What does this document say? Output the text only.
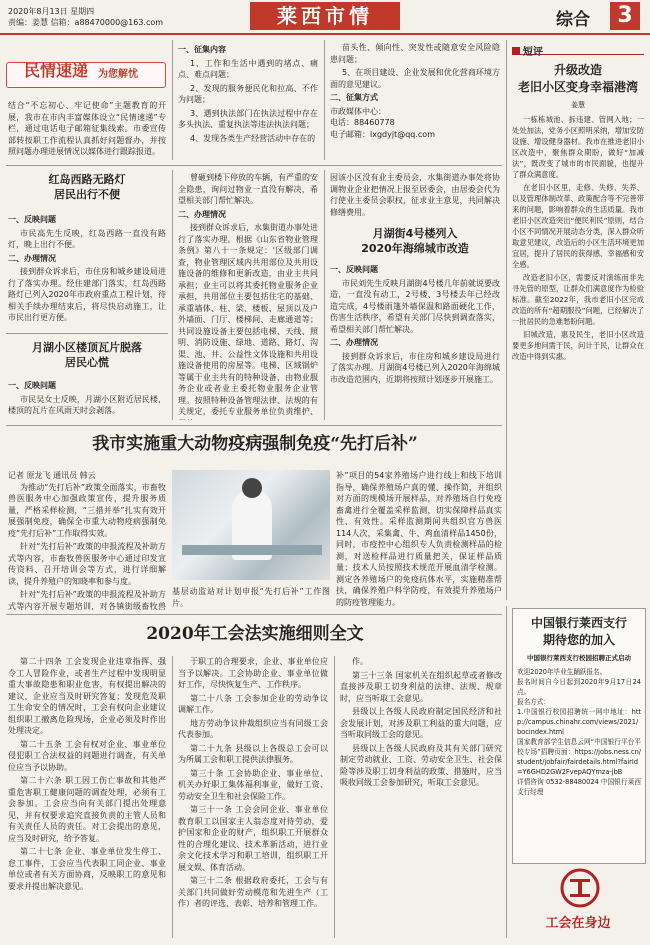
2020年8月13日 星期四
责编：姜慧 信箱：a88470000@163.com	莱西市情	综合	3
民情速递 为您解忧
结合“不忘初心、牢记使命”主题教育的开展，我市在市内丰富媒体设立“民情速递”专栏，通过电话电子邮箱征集线索。市委宣传部转按职工作流程认真抓好问题督办，并按照问题办理进展情况以媒体进行跟踪报道。
一、征集内容

1、工作和生活中遇到的堵点、痛点、难点问题；

2、发现的服务便民化和拉高、不作为问题；

3、遇到执法部门在执法过程中存在多头执法、重复执法等违法执法问题；

4、发现各类生产经营活动中存在的

苗头性、倾向性、突发性或随意安全风险隐患问题；

5、在项目建设、企业发展和优化营商环境方面的意见建议。

二、征集方式
市政媒体中心：
电话：88460778
电子邮箱：lxgdyjt@qq.com
红岛西路无路灯
居民出行不便
一、反映问题

市民高先生反映，红岛西路一直没有路灯，晚上出行不便。

二、办理情况

接到群众诉求后，市住房和城乡建设局进行了落实办理。经住建部门落实，红岛西路路灯已列入2020年市政府重点工程计划，待相关手续办理结束后，将尽快启动施工，让市民出行更方便。

月湖小区楼顶瓦片脱落
居民心慌
一、反映问题

市民吴女士反映，月湖小区附近居民楼，楼顶的瓦片在风雨天时会剥落。

曾砸到楼下停放的车辆，有严重的安全隐患，询问过物业一直没有解决，希望相关部门帮忙解决。

二、办理情况

接到群众诉求后，水集街道办事处进行了落实办理。根据《山东省物业管理条例》第八十一条规定：'区级部门调查，物业管理区域内共用部位及共用设施设备的维修和更新改造，由业主共同承担；业主可以将其委托物业服务企业承担，共用部位主要包括住宅的基础、承重墙体、柱、梁、楼板、屋顶以及户外墙面、门厅、楼梯间、走廊通道等；共同设施设备主要包括电梯、天线、照明、消防设施、绿地、道路、路灯、沟渠、池、井、公益性文体设施和共用设施设备使用的房屋等。电梯、区域锅炉等属于业主共有的特种设备，由物业服务企业或者业主委托物业服务企业管理。按照特种设备管理法律、法规的有关规定，委托专业服务单位负责维护、

因该小区没有业主委员会，水集街道办事处将协调物业企业把情况上报至居委会，由居委会代为行使业主委员会职权，征求业主意见，共同解决修缮费用。
月湖街4号楼列入
2020年海绵城市改造
一、反映问题

市民刘先生反映月湖街4号楼几年前就说要改造，一直没有动工，2号楼、3号楼去年已经改造完成，4号楼雨篷外墙保温和路面硬化工作，伤害生活秩序，希望有关部门尽快到调查落实，希望相关部门帮忙解决。

二、办理情况

接到群众诉求后，市住房和城乡建设局进行了落实办理。月湖街4号楼已列入2020年海绵城市改造范围内，近期将按照计划逐步开展施工。

短评
升级改造
老旧小区变身幸福港湾
姜慧

一栋栋城池、拆违建、管网入地；一处处加法，党务小区照明采纳，增加安防设施、增设健身器材。我市在推进老旧小区改造中，聚焦群众期盼，做好“加减法”，既改变了城市的市民面貌，也提升了群众满意度。

在老旧小区里，走修、失修、失养、以及管理体制改革、政策配合等不完善带来的问题，影响着群众的生活质量。我市老旧小区改造突出“便民利民”原则，结合小区不同情况开展动态分类，深入群众听取意见建议，改造后的小区生活环境更加宜居，提升了居民的获得感、幸福感和安全感。

改造老旧小区，需要反对演练而非先寻先管的原型，让群众们满意度作为检验标准。截至2022年，我市老旧小区完成改造的所有“超期服役”问题，已经解决了一批居民的急难愁盼问题。

旧城改造，惠及民生，老旧小区改造要更多地问需于民，问计于民，让群众在改造中得到实惠。

我市实施重大动物疫病强制免疫“先打后补”
记者 原龙飞 通讯员 韩云

为推动“先打后补”政策全面落实，市畜牧兽医服务中心加强政策宣传，提升服务质量，严格采样检测，“三措并举”扎实有效开展强制免疫，确保全市重大动物疫病强制免疫“先打后补”工作取得实效。

针对“先打后补”政策的申报流程及补助方式等内容，市畜牧兽医服务中心通过印发宣传资料、召开培训会等方式，进行详细解读，提升养殖户的知晓率和参与度。

针对“先打后补”政策的申报流程及补助方式等内容开展专题培训，对各镇街级畜牧兽

基层动监站对计划申报“先打后补”工作图片。
补”项目的54家养殖场户进行线上和线下培训指导，确保养殖场户真的懂、操作简，并组织对方面的规模场开展样品，对养殖场自行免疫畜禽进行全覆盖采样监测，切实保障样品真实性、有效性。采样监测期间共组织官方兽医114人次，采集禽、牛、鸡血清样品1450份，同时，市疫控中心组织专人负责检测样品的检测，对送检样品进行质量把关，保证样品质量；技术人员按照技术规范开展血清学检测。测定各养殖场户的免疫抗体水平，实施精准帮扶，确保养殖户科学防疫，有效提升养殖场户的防疫管理能力。
2020年工会法实施细则全文

第二十四条 工会发现企业违章指挥、强令工人冒险作业，或者生产过程中发现明显重大事故隐患和职业危害，有权提出解决的建议，企业应当及时研究答复；发现危及职工生命安全的情况时，工会有权向企业建议组织职工撤离危险现场，企业必须及时作出处理决定。

第二十五条 工会有权对企业、事业单位侵犯职工合法权益的问题进行调查，有关单位应当予以协助。

第二十六条 职工因工伤亡事故和其他严重危害职工健康问题的调查处理，必须有工会参加。工会应当向有关部门提出处理意见，并有权要求追究直接负责的主管人员和有关责任人员的责任。对工会提出的意见，应当及时研究，给予答复。

第二十七条 企业、事业单位发生停工、怠工事件，工会应当代表职工同企业、事业单位或者有关方面协商，反映职工的意见和要求并提出解决意见。

于职工的合理要求，企业、事业单位应当予以解决。工会协助企业、事业单位做好工作，尽快恢复生产、工作秩序。

第二十八条 工会参加企业的劳动争议调解工作。

地方劳动争议仲裁组织应当有同级工会代表参加。

第二十九条 县级以上各级总工会可以为所属工会和职工提供法律服务。

第三十条 工会协助企业、事业单位、机关办好职工集体福利事业，做好工资、劳动安全卫生和社会保险工作。

第三十一条 工会会同企业、事业单位教育职工以国家主人翁态度对待劳动，爱护国家和企业的财产，组织职工开展群众性的合理化建议、技术革新活动，进行业余文化技术学习和职工培训，组织职工开展文娱、体育活动。

第三十二条 根据政府委托，工会与有关部门共同做好劳动模范和先进生产（工作）者的评选、表彰、培养和管理工作。

作。

第三十三条 国家机关在组织起草或者修改直接涉及职工切身利益的法律、法规、规章时，应当听取工会意见。

县级以上各级人民政府制定国民经济和社会发展计划，对涉及职工利益的重大问题，应当听取同级工会的意见。

县级以上各级人民政府及其有关部门研究制定劳动就业、工资、劳动安全卫生、社会保险等涉及职工切身利益的政策、措施时，应当吸收同级工会参加研究，听取工会意见。

中国银行莱西支行
期待您的加入
中国银行莱西支行校园招聘正式启动
欢迎2020年毕业生踊跃报名。
报名时间自今日起到2020年9月17日24点。
报名方式：
1.中国银行校园招聘统一网申地址：http://campus.chinahr.com/views/2021/bocindex.html
国家教育部学生信息云网“中国银行平台平校专场”招聘页面：https://jobs.ness.cn/student/jobfair/fairdetails.html?fairId=Y6GHD2GW2FvepAQYmza-jbB
详情咨询 0532-88480024 中国银行莱西支行经理
工会在身边
